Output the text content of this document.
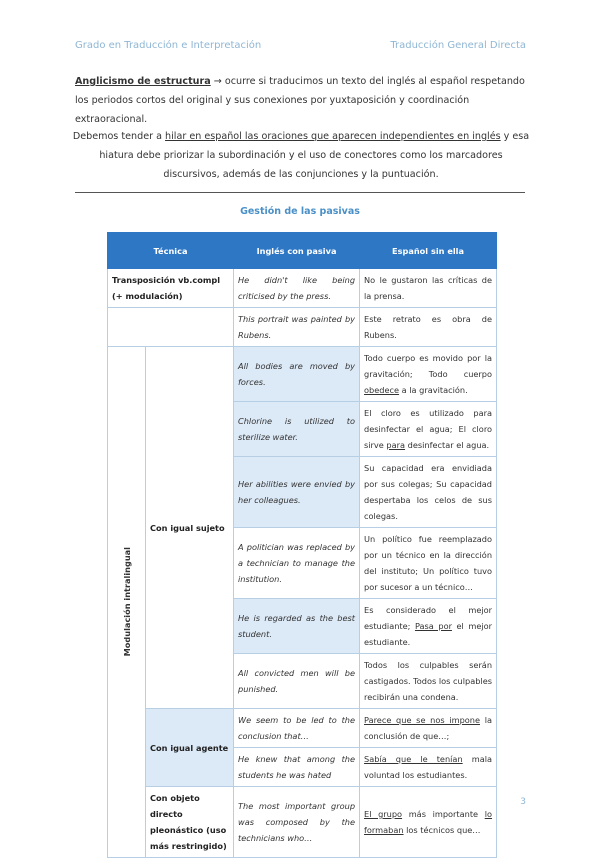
Grado en Traducción e Interpretación	Traducción General Directa
Anglicismo de estructura → ocurre si traducimos un texto del inglés al español respetando los periodos cortos del original y sus conexiones por yuxtaposición y coordinación extraoracional.
Debemos tender a hilar en español las oraciones que aparecen independientes en inglés y esa hiatura debe priorizar la subordinación y el uso de conectores como los marcadores discursivos, además de las conjunciones y la puntuación.
Gestión de las pasivas
Técnica		Inglés con pasiva	Español sin ella
Transposición vb.compl (+ modulación)		He didn't like being criticised by the press.	No le gustaron las críticas de la prensa.
		This portrait was painted by Rubens.	Este retrato es obra de Rubens.

Modulación intralingual	Con igual sujeto	All bodies are moved by forces.	Todo cuerpo es movido por la gravitación; Todo cuerpo obedece a la gravitación.
		Chlorine is utilized to sterilize water.	El cloro es utilizado para desinfectar el agua; El cloro sirve para desinfectar el agua.
		Her abilities were envied by her colleagues.	Su capacidad era envidiada por sus colegas; Su capacidad despertaba los celos de sus colegas.
		A politician was replaced by a technician to manage the institution.	Un político fue reemplazado por un técnico en la dirección del instituto; Un político tuvo por sucesor a un técnico…
		He is regarded as the best student.	Es considerado el mejor estudiante; Pasa por el mejor estudiante.
		All convicted men will be punished.	Todos los culpables serán castigados. Todos los culpables recibirán una condena.
	Con igual agente	We seem to be led to the conclusion that…	Parece que se nos impone la conclusión de que…;
		He knew that among the students he was hated	Sabía que le tenían mala voluntad los estudiantes.
	Con objeto directo pleonástico (uso más restringido)	The most important group was composed by the technicians who…	El grupo más importante lo formaban los técnicos que…
3
